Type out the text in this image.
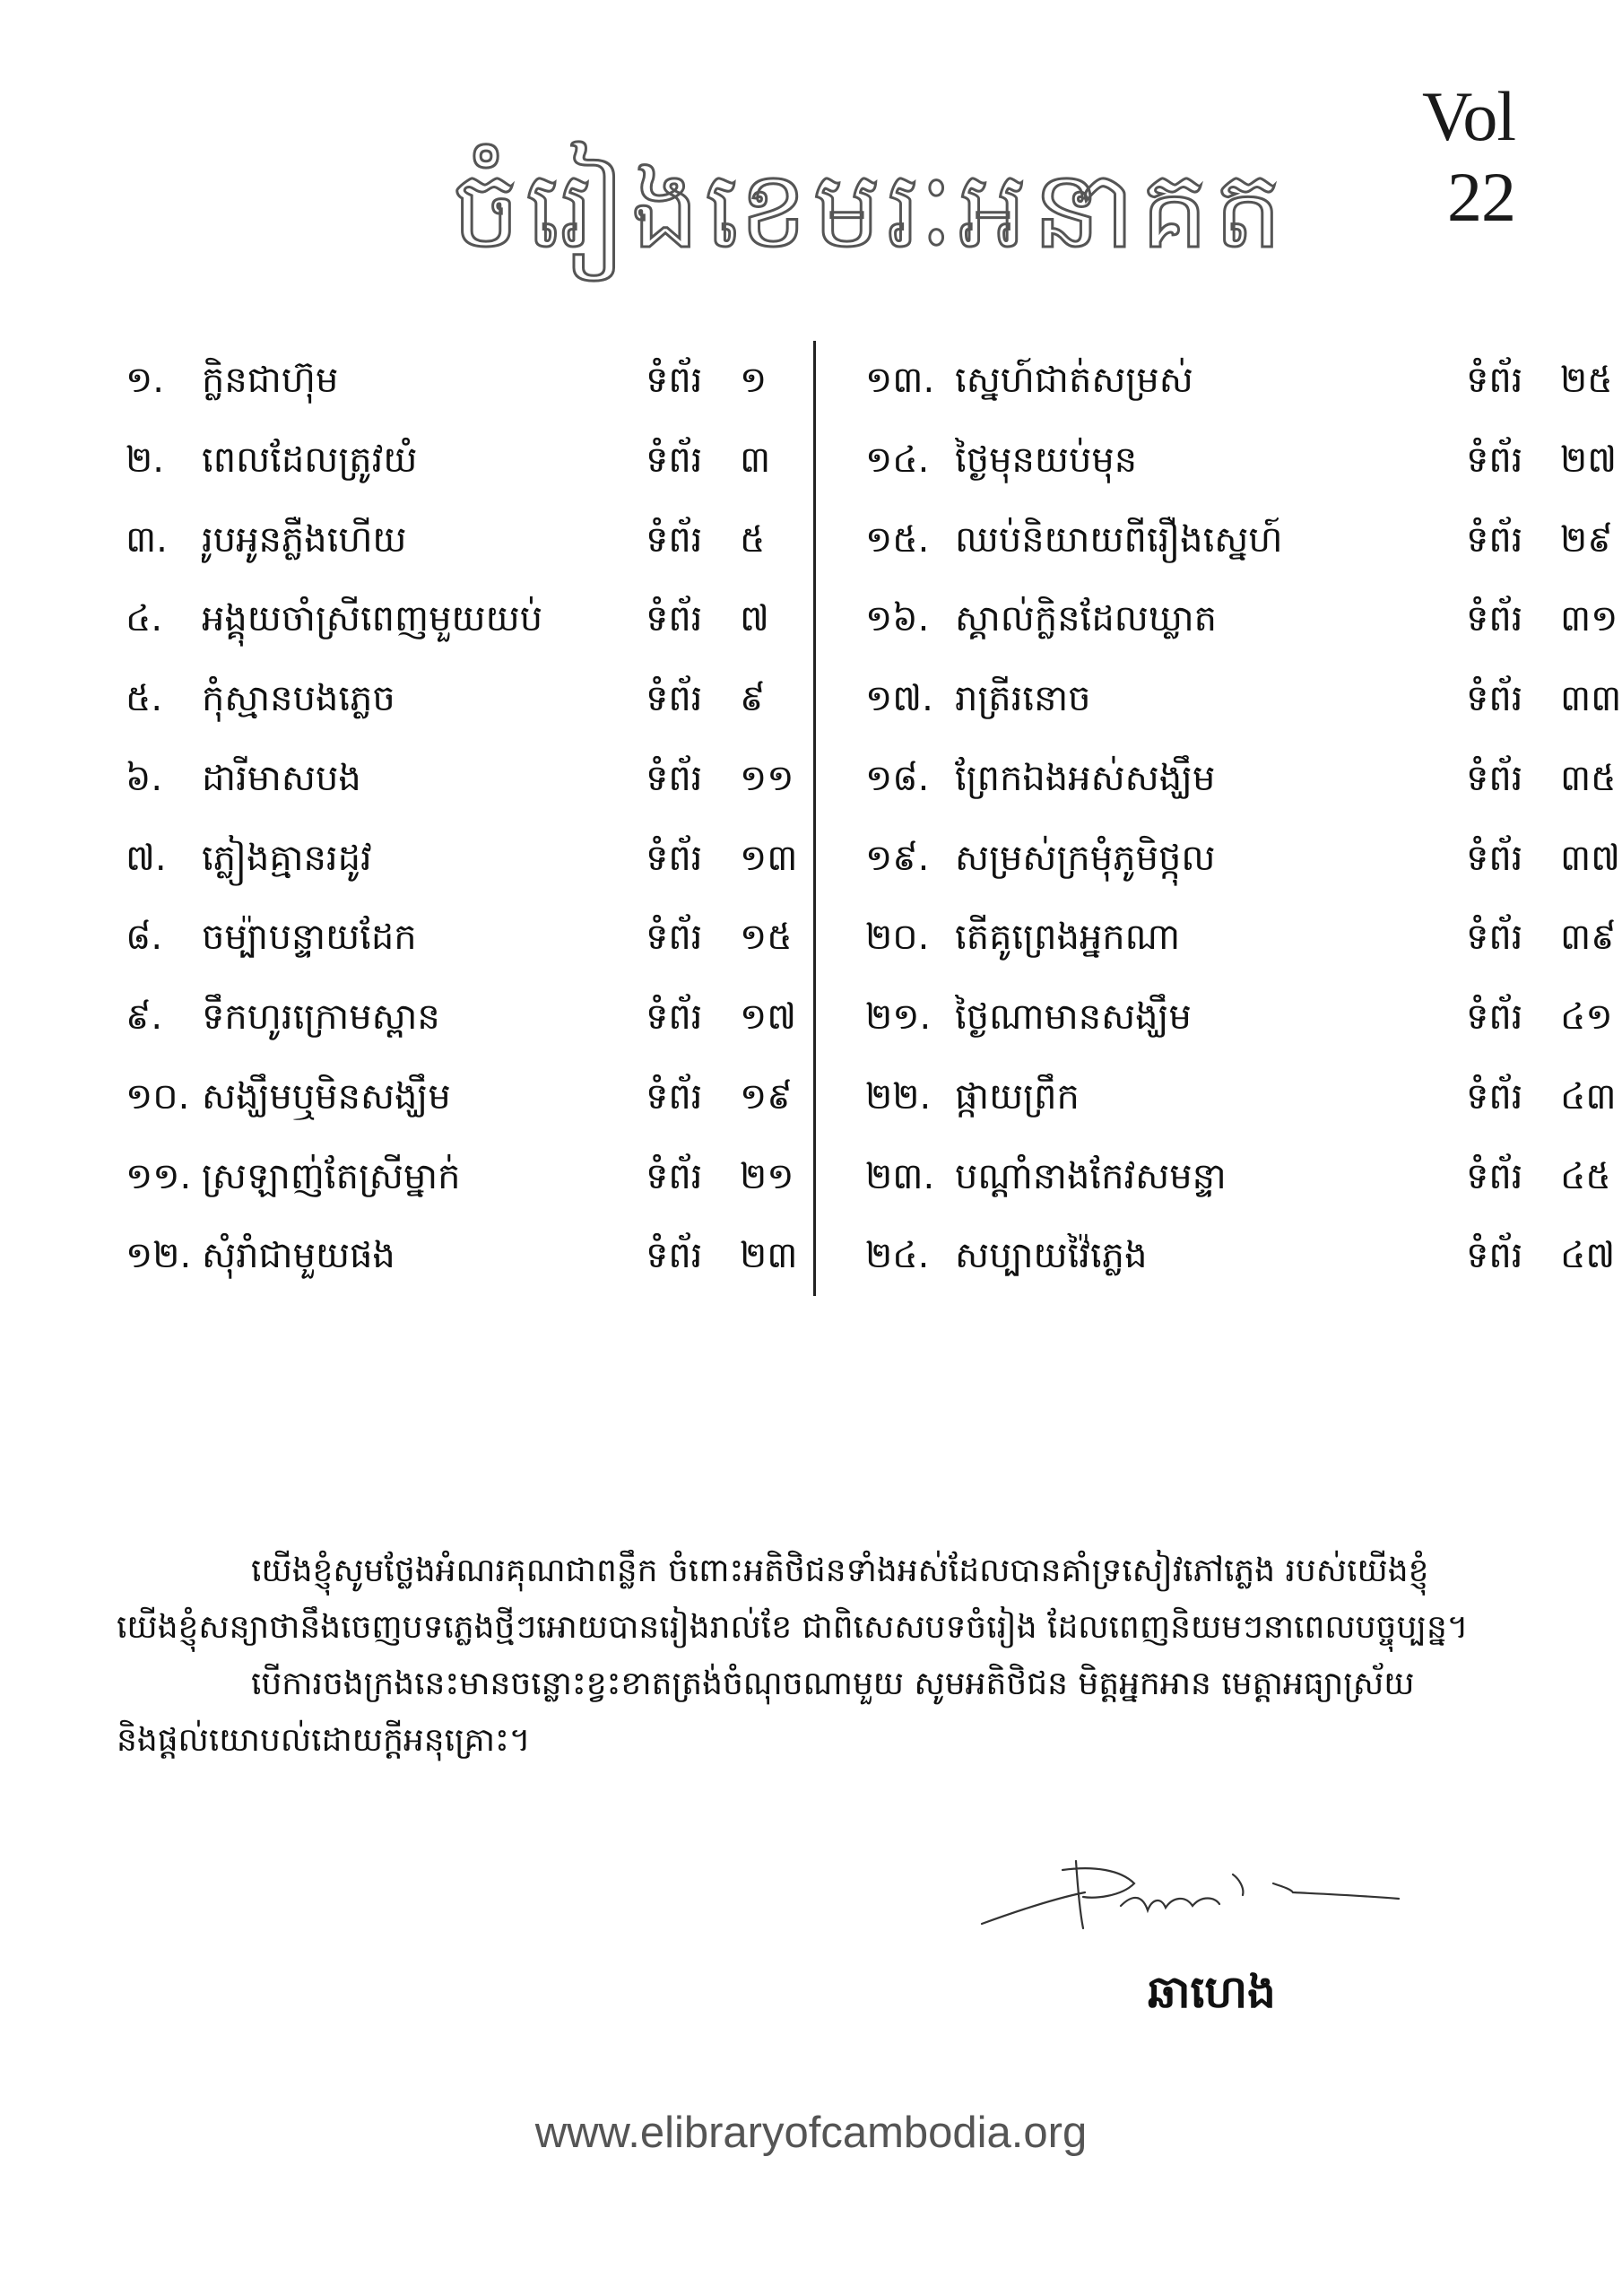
Vol 22
ចំរៀងខេមរៈអនាគត
១.	ក្លិនជាហ៊ុម	ទំព័រ ១
២.	ពេលដែលត្រូវយំ	ទំព័រ ៣
៣. រូបអូនភ្លឺងហើយ	ទំព័រ ៥
៤.	អង្គុយចាំស្រីពេញមួយយប់	ទំព័រ ៧
៥.	កុំស្មានបងភ្លេច	ទំព័រ ៩
៦.	ដារីមាសបង	ទំព័រ ១១
៧. ភ្លៀងគ្មានរដូវ	ទំព័រ ១៣
៨.	ចម្ប៉ាបន្ទាយដែក	ទំព័រ ១៥
៩.	ទឹកហូរក្រោមស្ពាន	ទំព័រ ១៧
១០. សង្ឃឹមឬមិនសង្ឃឹម	ទំព័រ ១៩
១១. ស្រឡាញ់តែស្រីម្នាក់	ទំព័រ ២១
១២. សុំរាំជាមួយផង	ទំព័រ ២៣
១៣. ស្នេហ៍ជាត់សម្រស់	ទំព័រ ២៥
១៤. ថ្ងៃមុនយប់មុន	ទំព័រ ២៧
១៥. ឈប់និយាយពីរឿងស្នេហ៍	ទំព័រ ២៩
១៦. ស្គាល់ក្លិនដែលឃ្លាត	ទំព័រ ៣១
១៧. រាត្រីរនោច	ទំព័រ ៣៣
១៨. ព្រែកឯងអស់សង្ឃឹម	ទំព័រ ៣៥
១៩. សម្រស់ក្រមុំភូមិថ្កុល	ទំព័រ ៣៧
២០. តើគូព្រេងអ្នកណា	ទំព័រ ៣៩
២១. ថ្ងៃណាមានសង្ឃឹម	ទំព័រ ៤១
២២. ផ្កាយព្រឹក	ទំព័រ ៤៣
២៣. បណ្តាំនាងកែវសមន្ទា	ទំព័រ ៤៥
២៤. សប្បាយវ៉ៃភ្លេង	ទំព័រ ៤៧

យើងខ្ញុំសូមថ្លែងអំណរគុណជាពន្លឹក ចំពោះអតិថិជនទាំងអស់ដែលបានគាំទ្រសៀវភៅភ្លេង របស់យើងខ្ញុំ

យើងខ្ញុំសន្យាថានឹងចេញបទភ្លេងថ្មីៗអោយបានរៀងរាល់ខែ ជាពិសេសបទចំរៀង ដែលពេញនិយមៗនាពេលបច្ចុប្បន្ន។

បើការចងក្រងនេះមានចន្លោះខ្វះខាតត្រង់ចំណុចណាមួយ សូមអតិថិជន មិត្តអ្នកអាន មេត្តាអធ្យាស្រ័យ

និងផ្តល់យោបល់ដោយក្តីអនុគ្រោះ។

ឆាហេង
www.elibraryofcambodia.org
